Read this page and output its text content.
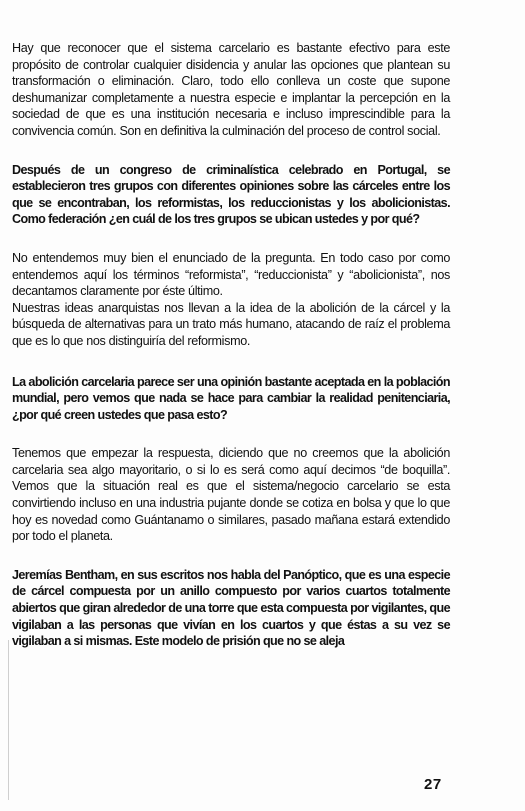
Hay que reconocer que el sistema carcelario es bastante efectivo para este propósito de controlar cualquier disidencia y anular las opciones que plantean su transformación o eliminación. Claro, todo ello conlleva un coste que supone deshumanizar completamente a nuestra especie e implantar la percepción en la sociedad de que es una institución necesaria e incluso imprescindible para la convivencia común. Son en definitiva la culminación del proceso de control social.

Después de un congreso de criminalística celebrado en Portugal, se establecieron tres grupos con diferentes opiniones sobre las cárceles entre los que se encontraban, los reformistas, los reduccionistas y los abolicionistas. Como federación ¿en cuál de los tres grupos se ubican ustedes y por qué?

No entendemos muy bien el enunciado de la pregunta. En todo caso por como entendemos aquí los términos “reformista”, “reduccionista” y “abolicionista”, nos decantamos claramente por éste último.

Nuestras ideas anarquistas nos llevan a la idea de la abolición de la cárcel y la búsqueda de alternativas para un trato más humano, atacando de raíz el problema que es lo que nos distinguiría del reformismo.

La abolición carcelaria parece ser una opinión bastante aceptada en la población mundial, pero vemos que nada se hace para cambiar la realidad penitenciaria, ¿por qué creen ustedes que pasa esto?

Tenemos que empezar la respuesta, diciendo que no creemos que la abolición carcelaria sea algo mayoritario, o si lo es será como aquí decimos “de boquilla”. Vemos que la situación real es que el sistema/negocio carcelario se esta convirtiendo incluso en una industria pujante donde se cotiza en bolsa y que lo que hoy es novedad como Guántanamo o similares, pasado mañana estará extendido por todo el planeta.

Jeremías Bentham, en sus escritos nos habla del Panóptico, que es una especie de cárcel compuesta por un anillo compuesto por varios cuartos totalmente abiertos que giran alrededor de una torre que esta compuesta por vigilantes, que vigilaban a las personas que vivían en los cuartos y que éstas a su vez se vigilaban a si mismas. Este modelo de prisión que no se aleja

27
